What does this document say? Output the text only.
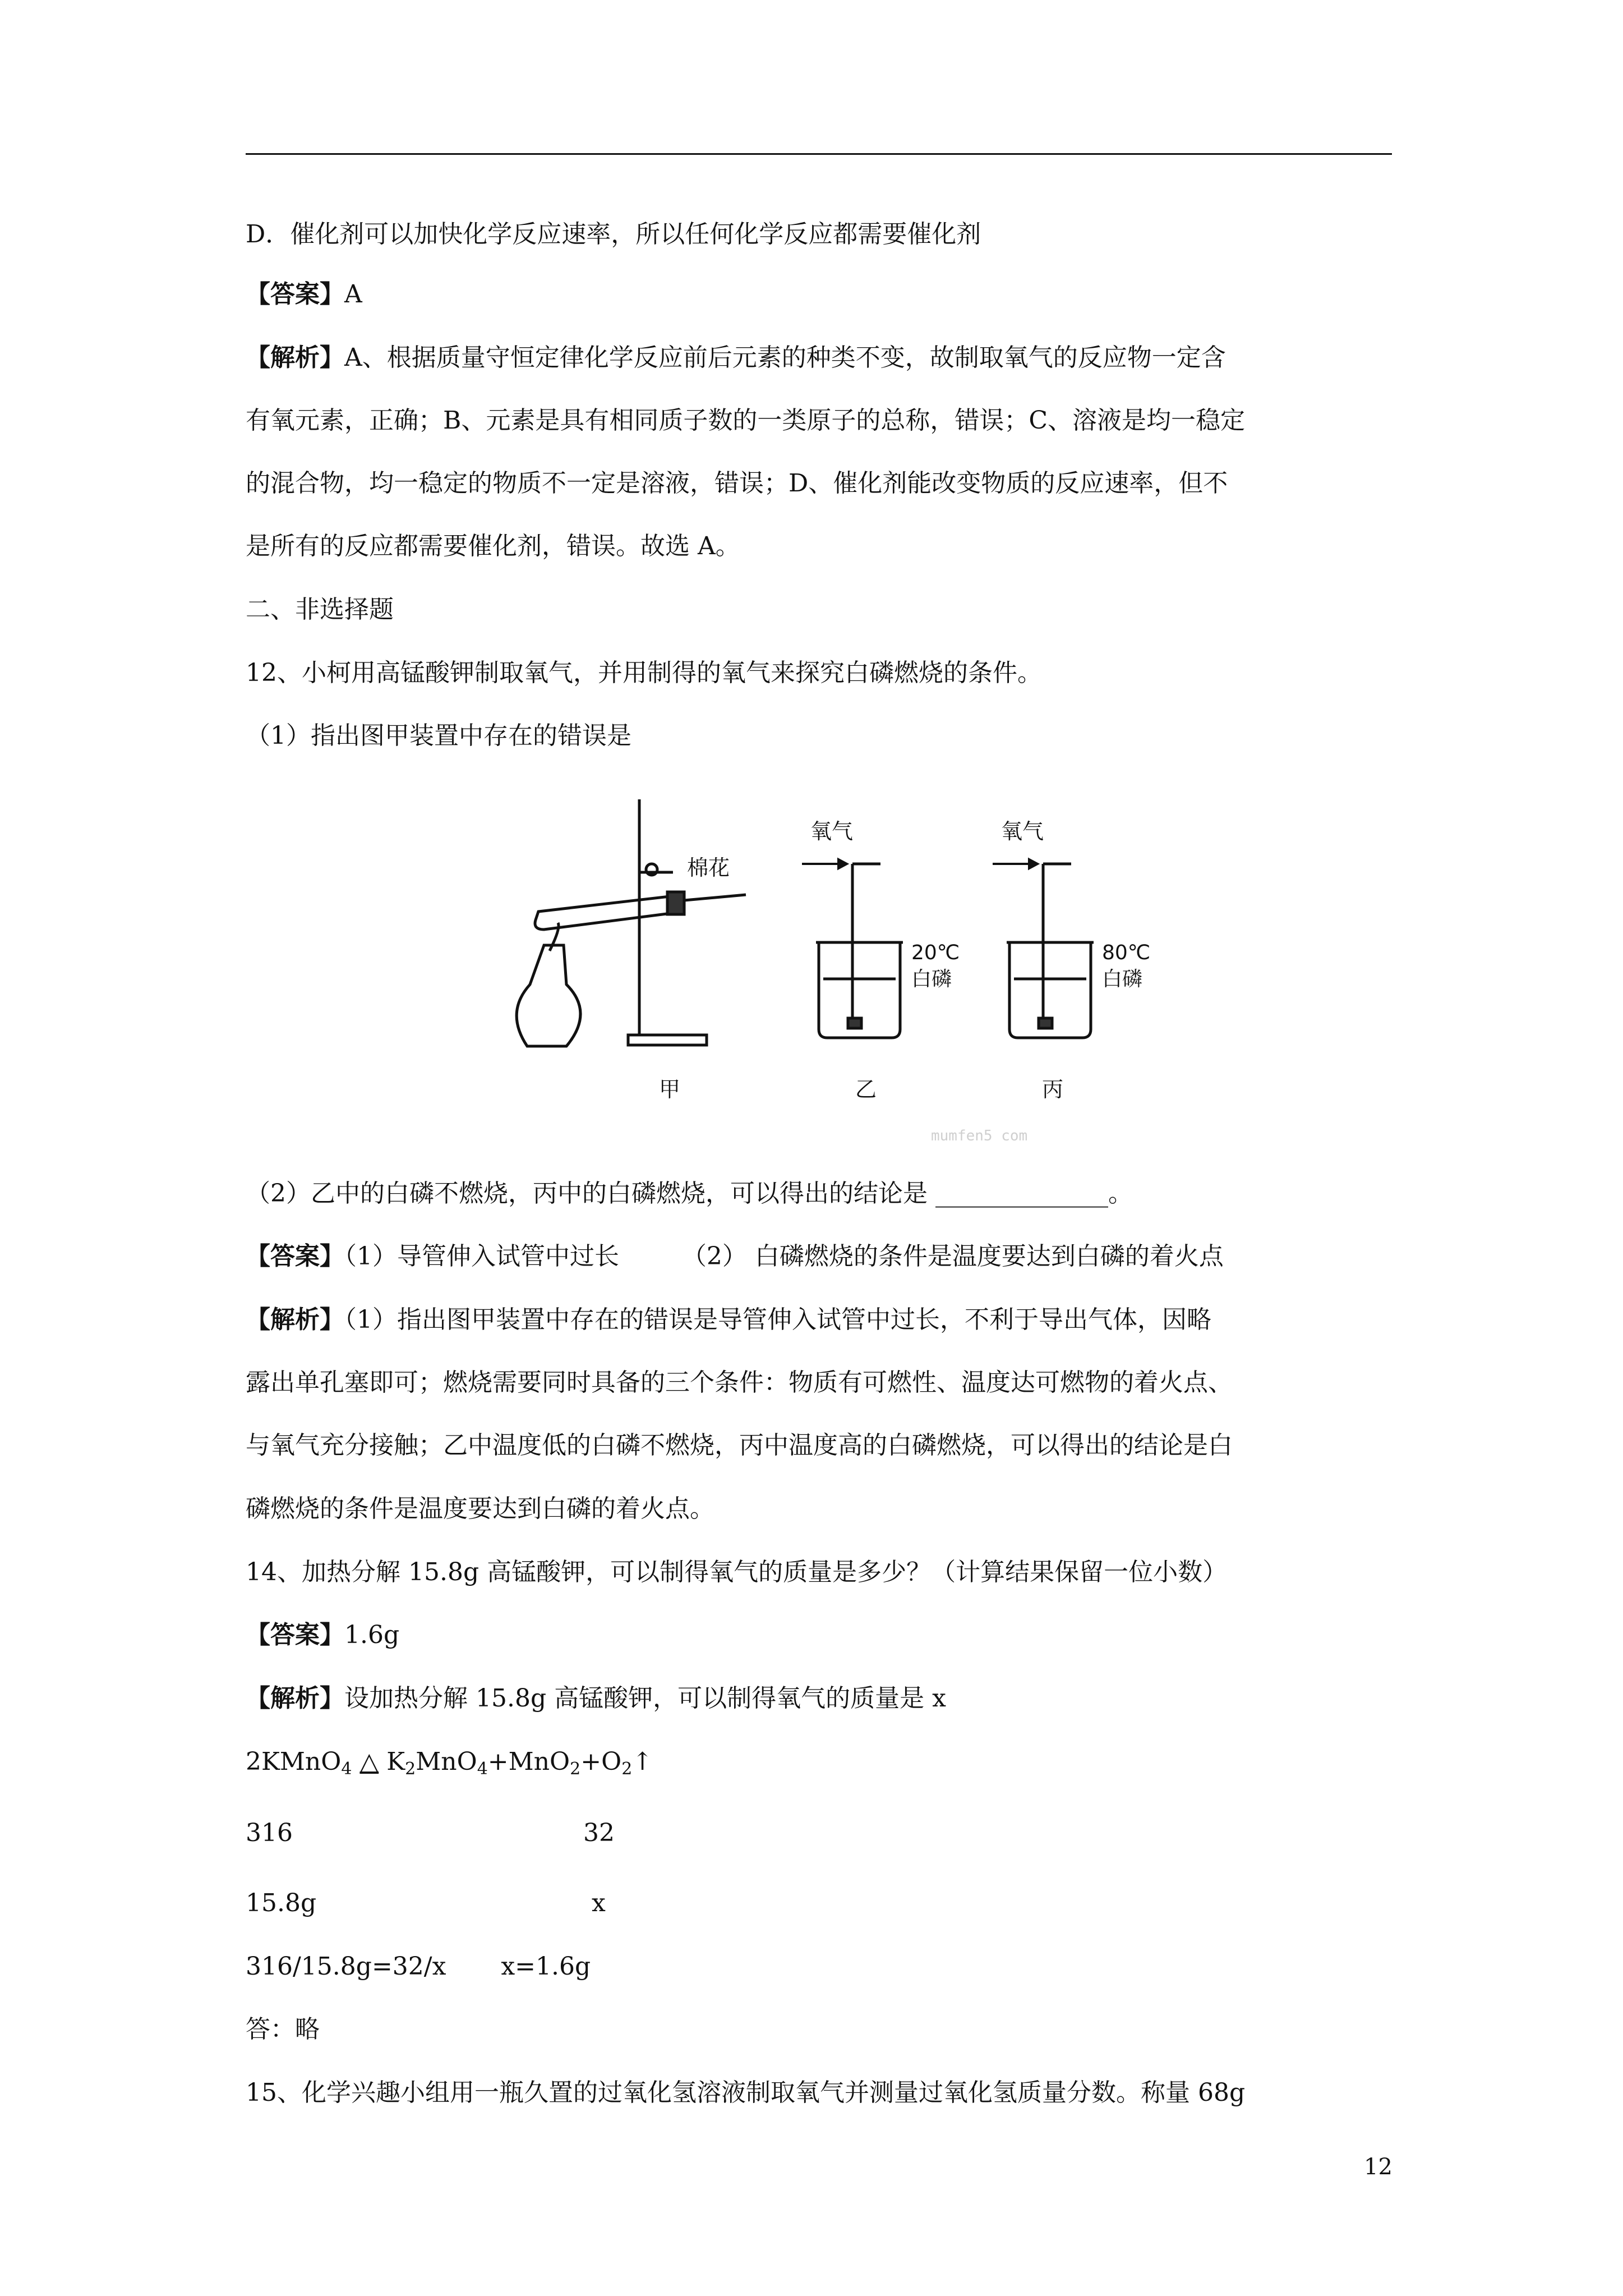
D．催化剂可以加快化学反应速率，所以任何化学反应都需要催化剂
【答案】A
【解析】A、根据质量守恒定律化学反应前后元素的种类不变，故制取氧气的反应物一定含
有氧元素，正确；B、元素是具有相同质子数的一类原子的总称，错误；C、溶液是均一稳定
的混合物，均一稳定的物质不一定是溶液，错误；D、催化剂能改变物质的反应速率，但不
是所有的反应都需要催化剂，错误。故选 A。
二、非选择题
12、小柯用高锰酸钾制取氧气，并用制得的氧气来探究白磷燃烧的条件。
（1）指出图甲装置中存在的错误是
棉花
氧气	氧气
20℃
白磷
80℃
白磷
甲	乙	丙
mumfen5 com
（2）乙中的白磷不燃烧，丙中的白磷燃烧，可以得出的结论是 ______________。
【答案】（1）导管伸入试管中过长        （2） 白磷燃烧的条件是温度要达到白磷的着火点
【解析】（1）指出图甲装置中存在的错误是导管伸入试管中过长，不利于导出气体，因略
露出单孔塞即可；燃烧需要同时具备的三个条件：物质有可燃性、温度达可燃物的着火点、
与氧气充分接触；乙中温度低的白磷不燃烧，丙中温度高的白磷燃烧，可以得出的结论是白
磷燃烧的条件是温度要达到白磷的着火点。
14、加热分解 15.8g 高锰酸钾，可以制得氧气的质量是多少？（计算结果保留一位小数）
【答案】1.6g
【解析】设加热分解 15.8g 高锰酸钾，可以制得氧气的质量是 x
2KMnO$_4$ △ $K_2MnO_4+MnO_2+O_2↑$
316	32
15.8g	x
316/15.8g=32/x       x=1.6g
答：略
15、化学兴趣小组用一瓶久置的过氧化氢溶液制取氧气并测量过氧化氢质量分数。称量 68g
12
